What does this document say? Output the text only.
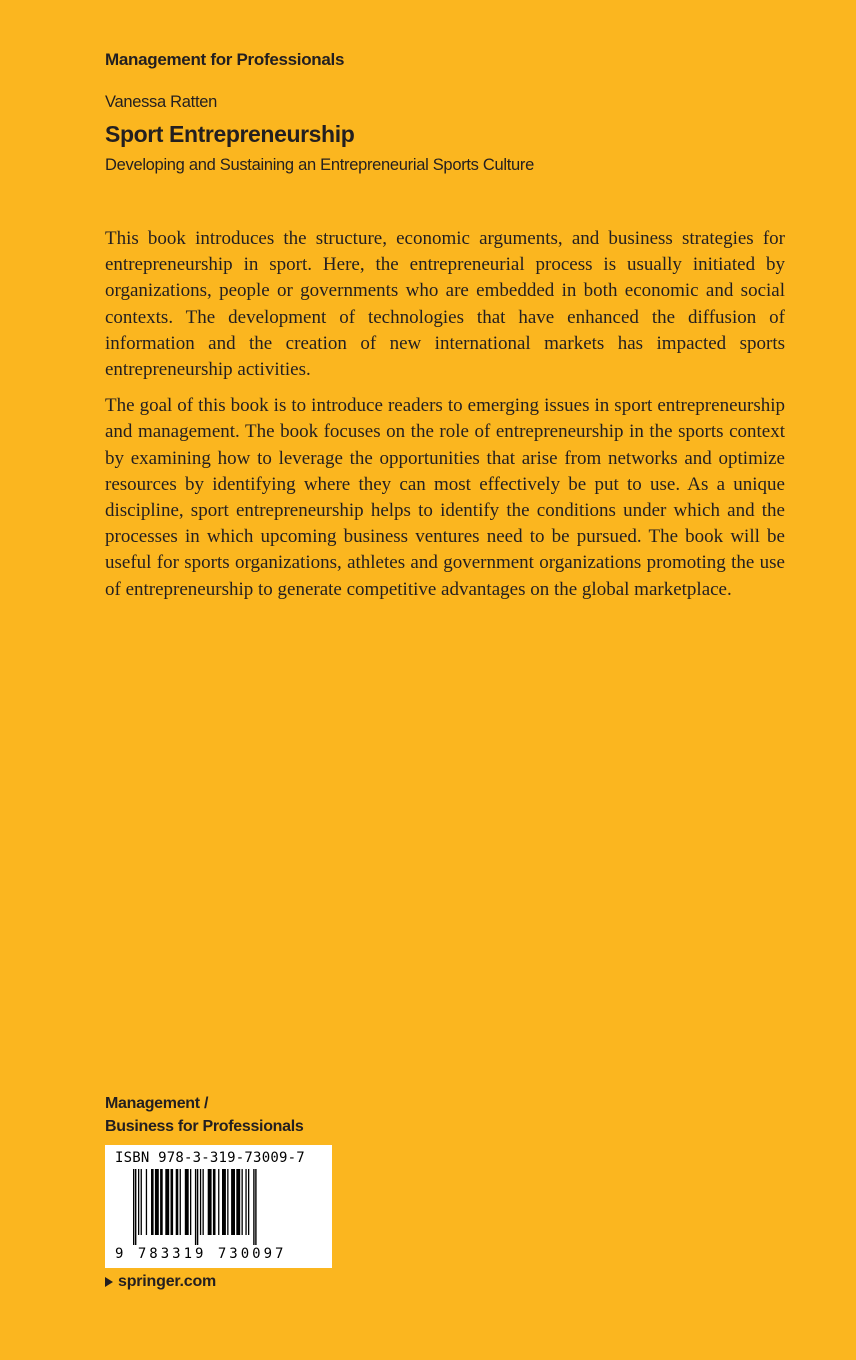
Management for Professionals
Vanessa Ratten
Sport Entrepreneurship
Developing and Sustaining an Entrepreneurial Sports Culture

This book introduces the structure, economic arguments, and business strategies for entrepreneurship in sport. Here, the entrepreneurial process is usually initiated by organizations, people or governments who are embedded in both economic and social contexts. The development of technologies that have enhanced the diffusion of information and the creation of new international markets has impacted sports entrepreneurship activities.

The goal of this book is to introduce readers to emerging issues in sport entrepreneurship and management. The book focuses on the role of entrepreneurship in the sports context by examining how to leverage the opportunities that arise from networks and optimize resources by identifying where they can most effectively be put to use. As a unique discipline, sport entrepreneurship helps to identify the conditions under which and the processes in which upcoming business ventures need to be pursued. The book will be useful for sports organizations, athletes and government organizations promoting the use of entrepreneurship to generate competitive advantages on the global marketplace.

Management /
Business for Professionals
ISBN 978-3-319-73009-7
9 783319 730097
springer.com
